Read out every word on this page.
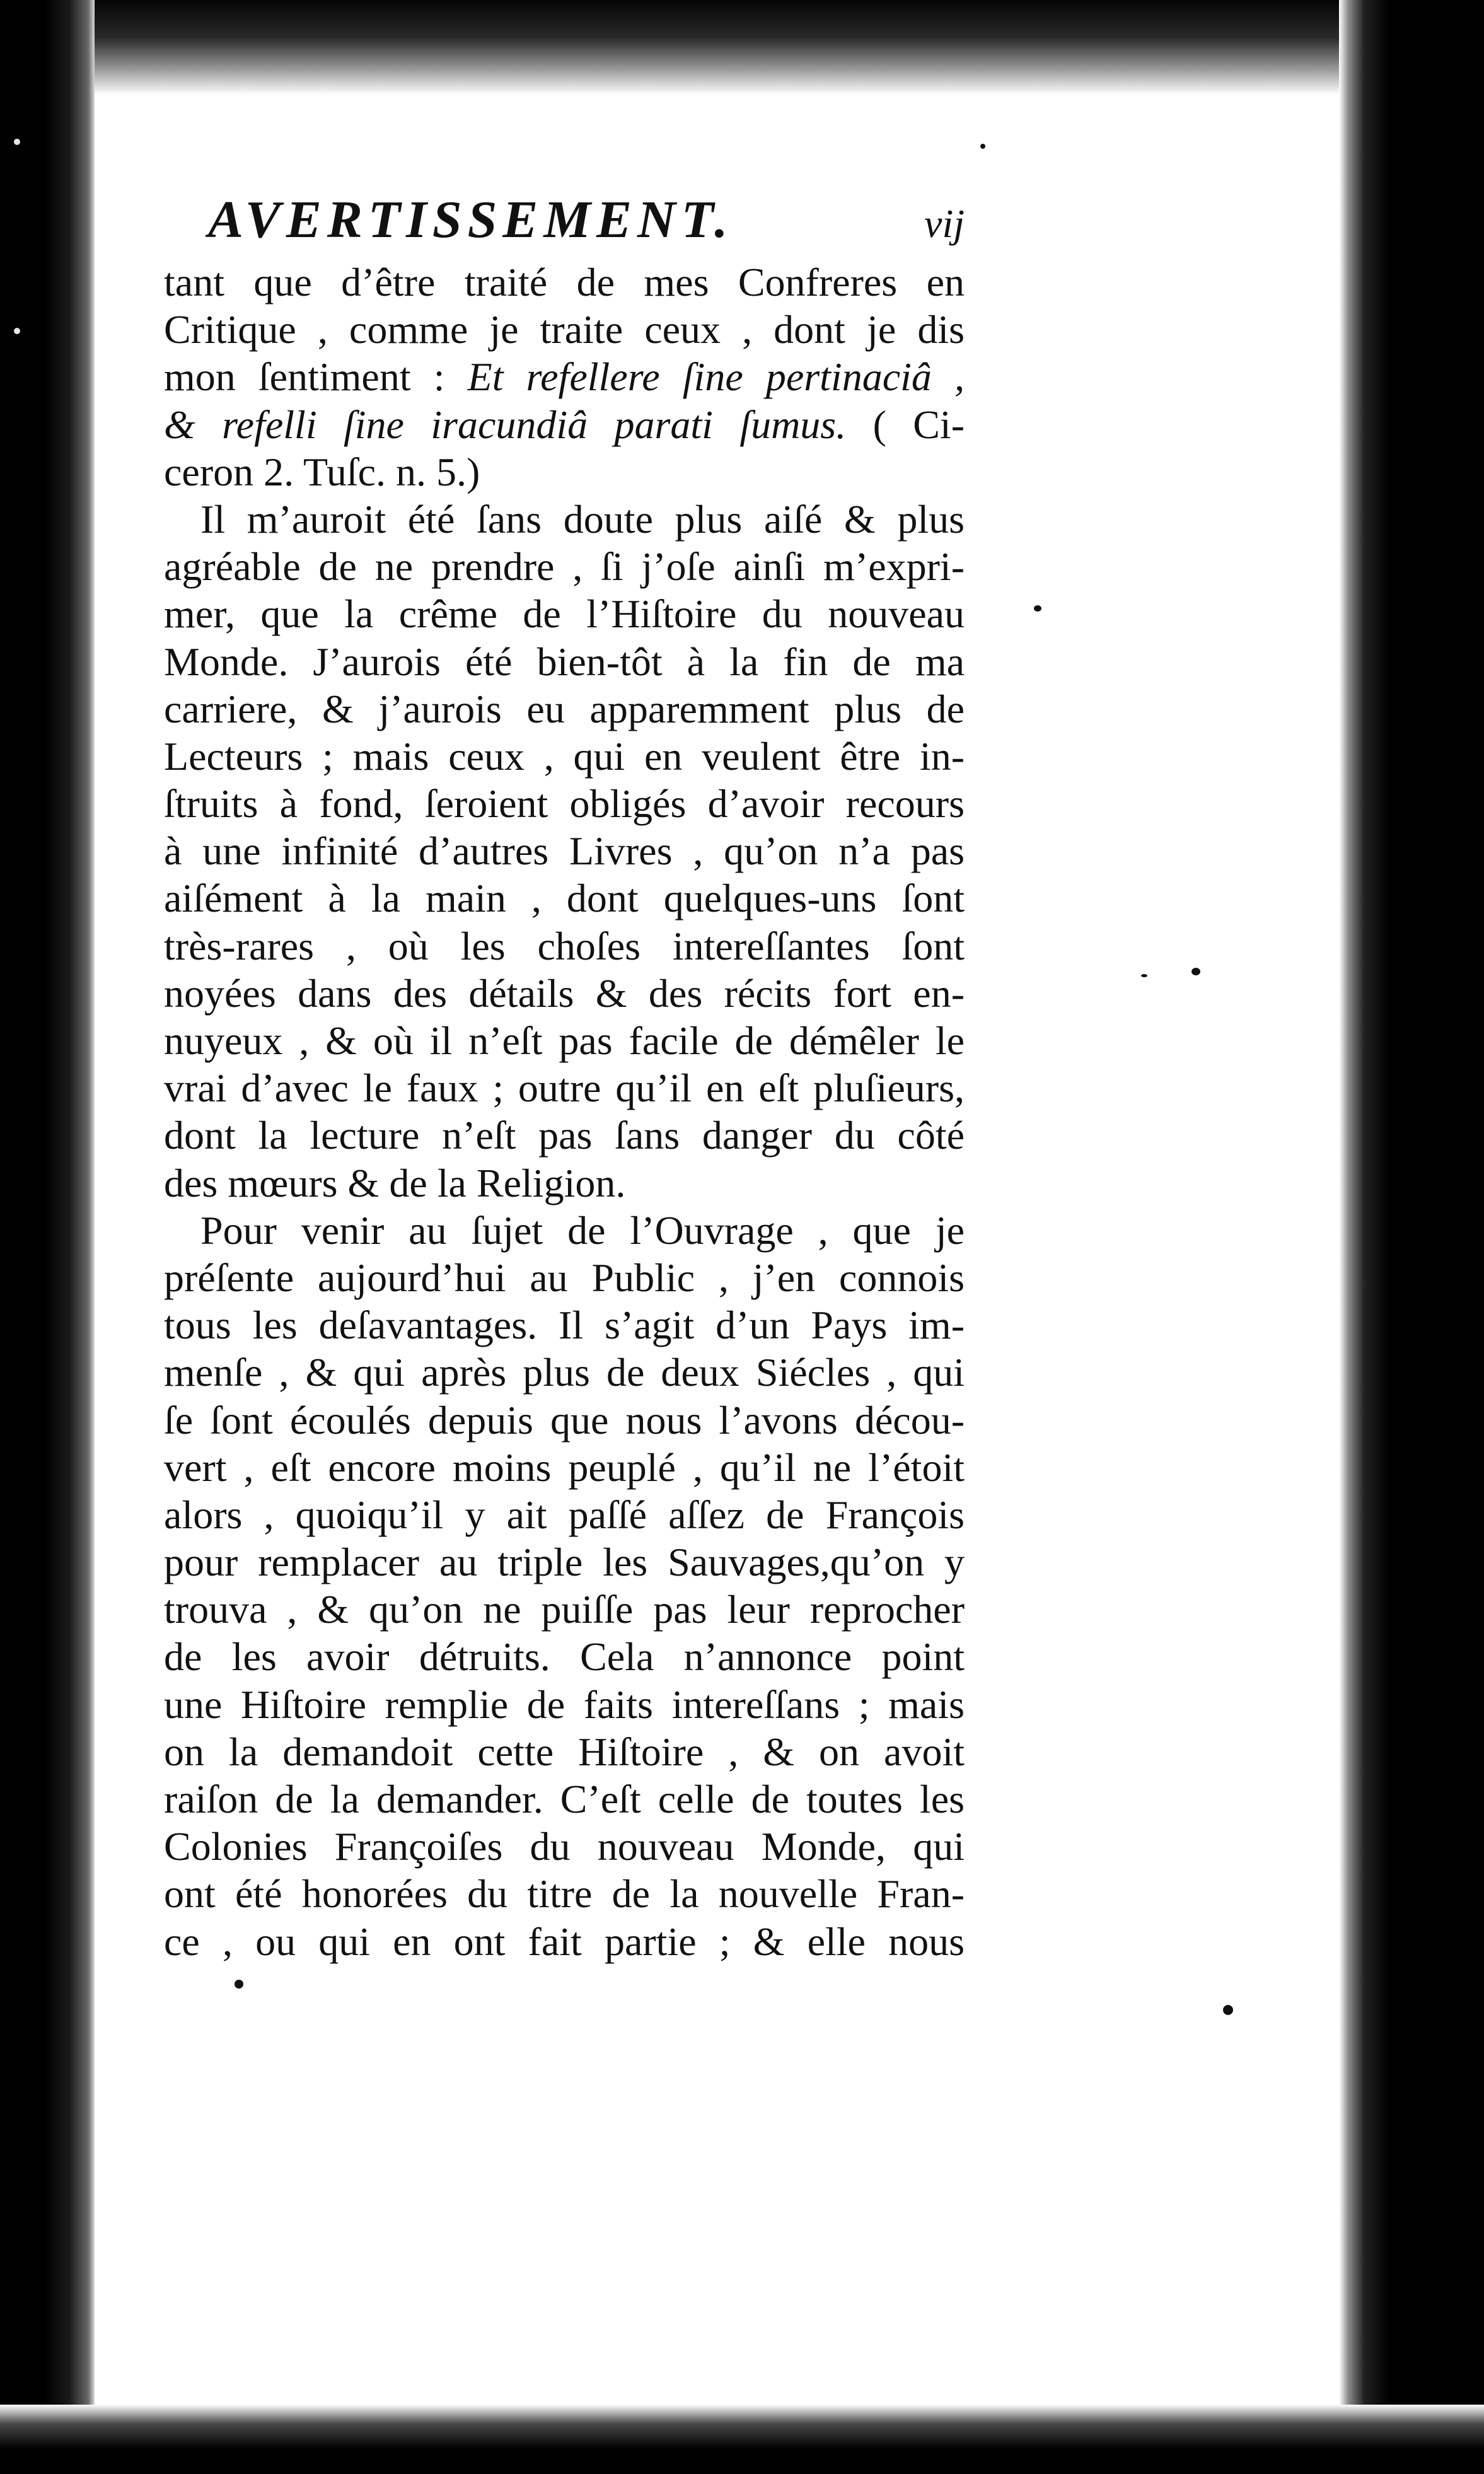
AVERTISSEMENT.	vij
tant que d’être traité de mes Confreres en
Critique , comme je traite ceux , dont je dis
mon ſentiment : Et refellere ſine pertinaciâ ,
& refelli ſine iracundiâ parati ſumus. ( Ci-
ceron 2. Tuſc. n. 5.)
Il m’auroit été ſans doute plus aiſé & plus
agréable de ne prendre , ſi j’oſe ainſi m’expri-
mer, que la crême de l’Hiſtoire du nouveau
Monde. J’aurois été bien-tôt à la fin de ma
carriere, & j’aurois eu apparemment plus de
Lecteurs ; mais ceux , qui en veulent être in-
ſtruits à fond, ſeroient obligés d’avoir recours
à une infinité d’autres Livres , qu’on n’a pas
aiſément à la main , dont quelques-uns ſont
très-rares , où les choſes intereſſantes ſont
noyées dans des détails & des récits fort en-
nuyeux , & où il n’eſt pas facile de démêler le
vrai d’avec le faux ; outre qu’il en eſt pluſieurs,
dont la lecture n’eſt pas ſans danger du côté
des mœurs & de la Religion.
Pour venir au ſujet de l’Ouvrage , que je
préſente aujourd’hui au Public , j’en connois
tous les deſavantages. Il s’agit d’un Pays im-
menſe , & qui après plus de deux Siécles , qui
ſe ſont écoulés depuis que nous l’avons décou-
vert , eſt encore moins peuplé , qu’il ne l’étoit
alors , quoiqu’il y ait paſſé aſſez de François
pour remplacer au triple les Sauvages,qu’on y
trouva , & qu’on ne puiſſe pas leur reprocher
de les avoir détruits. Cela n’annonce point
une Hiſtoire remplie de faits intereſſans ; mais
on la demandoit cette Hiſtoire , & on avoit
raiſon de la demander. C’eſt celle de toutes les
Colonies Françoiſes du nouveau Monde, qui
ont été honorées du titre de la nouvelle Fran-
ce , ou qui en ont fait partie ; & elle nous
